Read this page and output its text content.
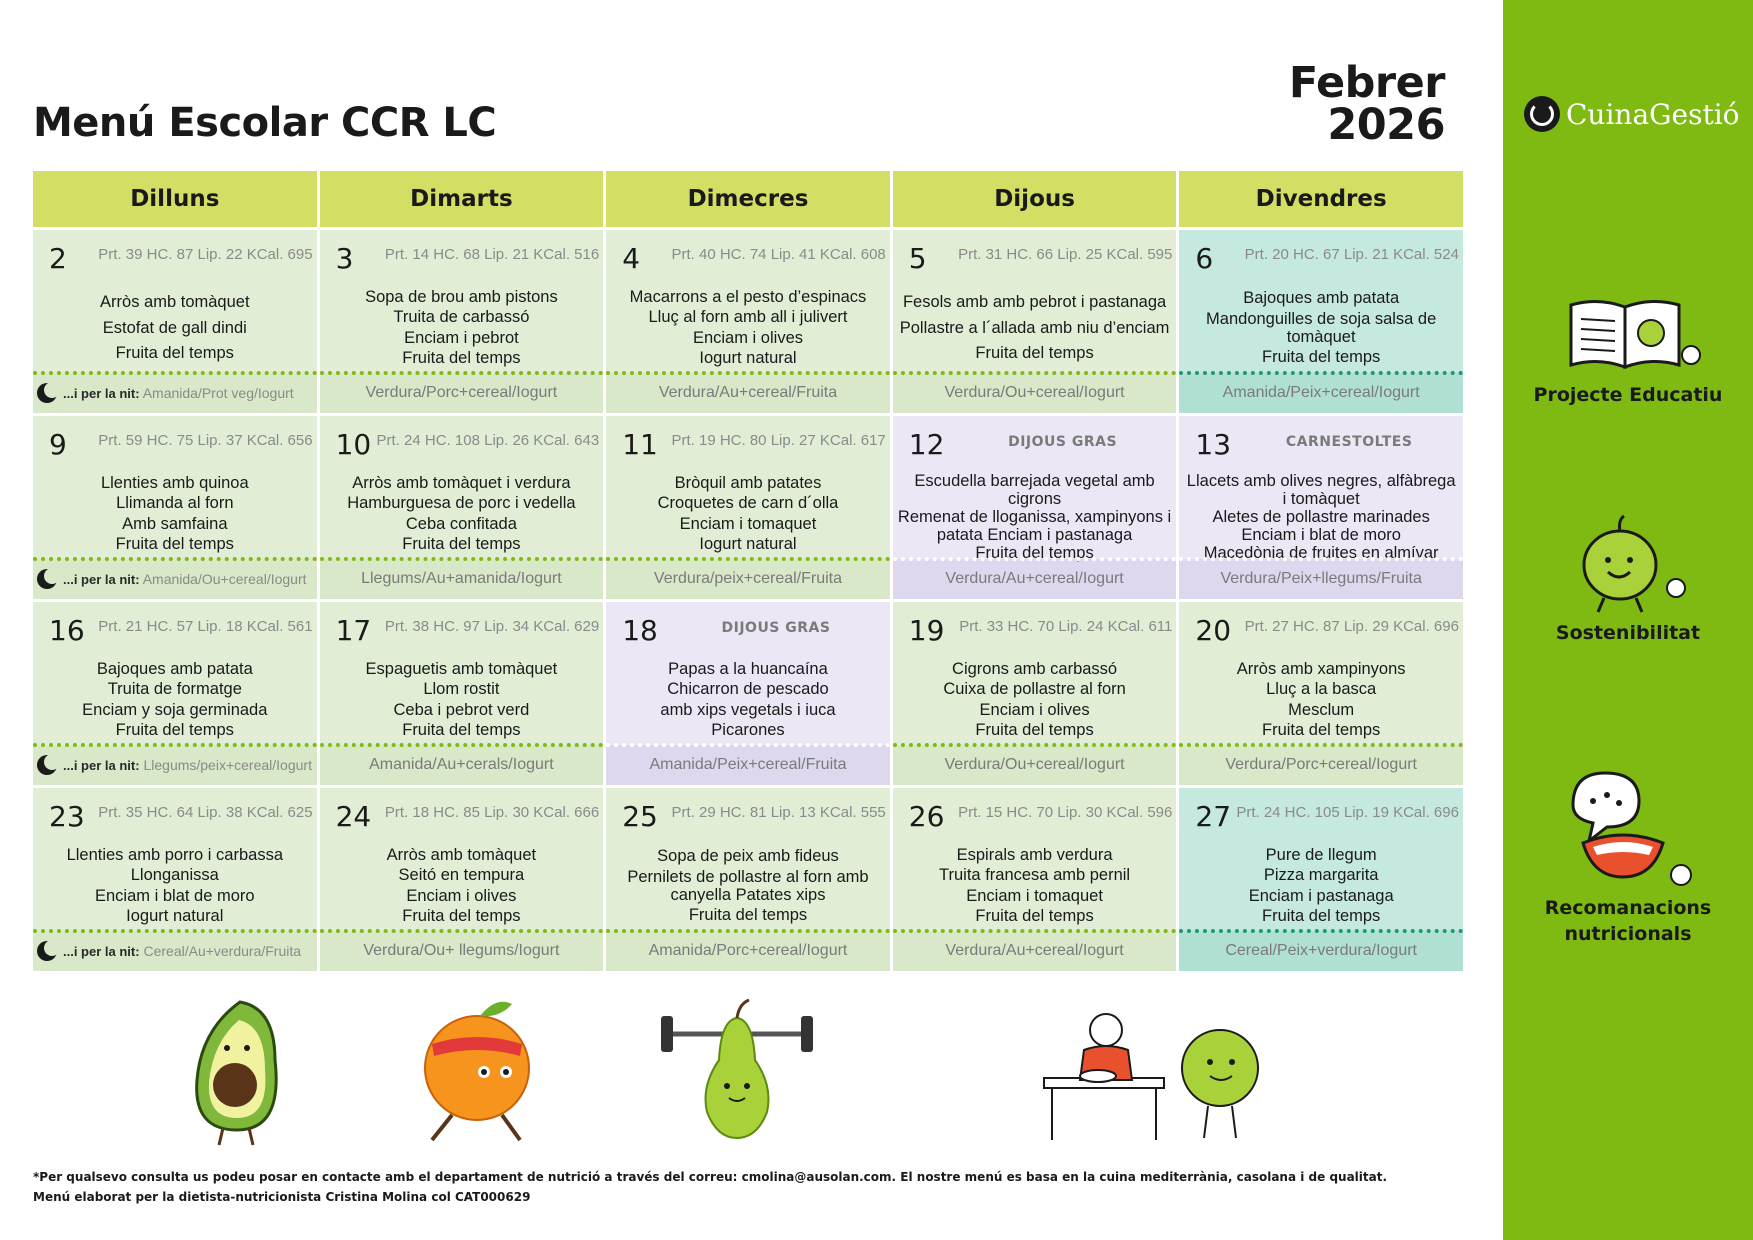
Menú Escolar CCR LC
Febrer
2026
Dilluns	Dimarts	Dimecres	Dijous	Divendres
2 Prt. 39 HC. 87 Lip. 22 KCal. 695
Arròs amb tomàquet
Estofat de gall dindi
Fruita del temps
...i per la nit: Amanida/Prot veg/Iogurt
3 Prt. 14 HC. 68 Lip. 21 KCal. 516
Sopa de brou amb pistons
Truita de carbassó
Enciam i pebrot
Fruita del temps
Verdura/Porc+cereal/Iogurt
4 Prt. 40 HC. 74 Lip. 41 KCal. 608
Macarrons a el pesto d’espinacs
Lluç al forn amb all i julivert
Enciam i olives
Iogurt natural
Verdura/Au+cereal/Fruita
5 Prt. 31 HC. 66 Lip. 25 KCal. 595
Fesols amb amb pebrot i pastanaga
Pollastre a l´allada amb niu d’enciam
Fruita del temps
Verdura/Ou+cereal/Iogurt
6 Prt. 20 HC. 67 Lip. 21 KCal. 524
Bajoques amb patata
Mandonguilles de soja salsa de tomàquet
Fruita del temps
Amanida/Peix+cereal/Iogurt
9 Prt. 59 HC. 75 Lip. 37 KCal. 656
Llenties amb quinoa
Llimanda al forn
Amb samfaina
Fruita del temps
...i per la nit: Amanida/Ou+cereal/Iogurt
10 Prt. 24 HC. 108 Lip. 26 KCal. 643
Arròs amb tomàquet i verdura
Hamburguesa de porc i vedella
Ceba confitada
Fruita del temps
Llegums/Au+amanida/Iogurt
11 Prt. 19 HC. 80 Lip. 27 KCal. 617
Bròquil amb patates
Croquetes de carn d´olla
Enciam i tomaquet
Iogurt natural
Verdura/peix+cereal/Fruita
12	DIJOUS GRAS
Escudella barrejada vegetal amb cigrons
Remenat de lloganissa, xampinyons i patata Enciam i pastanaga
Fruita del temps
Verdura/Au+cereal/Iogurt
13	CARNESTOLTES
Llacets amb olives negres, alfàbrega i tomàquet
Aletes de pollastre marinades Enciam i blat de moro
Macedònia de fruites en almívar
Verdura/Peix+llegums/Fruita
16 Prt. 21 HC. 57 Lip. 18 KCal. 561
Bajoques amb patata
Truita de formatge
Enciam y soja germinada
Fruita del temps
...i per la nit: Llegums/peix+cereal/Iogurt
17 Prt. 38 HC. 97 Lip. 34 KCal. 629
Espaguetis amb tomàquet
Llom rostit
Ceba i pebrot verd
Fruita del temps
Amanida/Au+cerals/Iogurt
18	DIJOUS GRAS
Papas a la huancaína
Chicarron de pescado
amb xips vegetals i iuca
Picarones
Amanida/Peix+cereal/Fruita
19 Prt. 33 HC. 70 Lip. 24 KCal. 611
Cigrons amb carbassó
Cuixa de pollastre al forn
Enciam i olives
Fruita del temps
Verdura/Ou+cereal/Iogurt
20 Prt. 27 HC. 87 Lip. 29 KCal. 696
Arròs amb xampinyons
Lluç a la basca
Mesclum
Fruita del temps
Verdura/Porc+cereal/Iogurt
23 Prt. 35 HC. 64 Lip. 38 KCal. 625
Llenties amb porro i carbassa
Llonganissa
Enciam i blat de moro
Iogurt natural
...i per la nit: Cereal/Au+verdura/Fruita
24 Prt. 18 HC. 85 Lip. 30 KCal. 666
Arròs amb tomàquet
Seitó en tempura
Enciam i olives
Fruita del temps
Verdura/Ou+ llegums/Iogurt
25 Prt. 29 HC. 81 Lip. 13 KCal. 555
Sopa de peix amb fideus
Pernilets de pollastre al forn amb canyella Patates xips
Fruita del temps
Amanida/Porc+cereal/Iogurt
26 Prt. 15 HC. 70 Lip. 30 KCal. 596
Espirals amb verdura
Truita francesa amb pernil
Enciam i tomaquet
Fruita del temps
Verdura/Au+cereal/Iogurt
27 Prt. 24 HC. 105 Lip. 19 KCal. 696
Pure de llegum
Pizza margarita
Enciam i pastanaga
Fruita del temps
Cereal/Peix+verdura/Iogurt
CuinaGestió
Projecte Educatiu
Sostenibilitat
Recomanacions nutricionals
*Per qualsevo consulta us podeu posar en contacte amb el departament de nutrició a través del correu: cmolina@ausolan.com. El nostre menú es basa en la cuina mediterrània, casolana i de qualitat.
Menú elaborat per la dietista-nutricionista Cristina Molina col CAT000629
